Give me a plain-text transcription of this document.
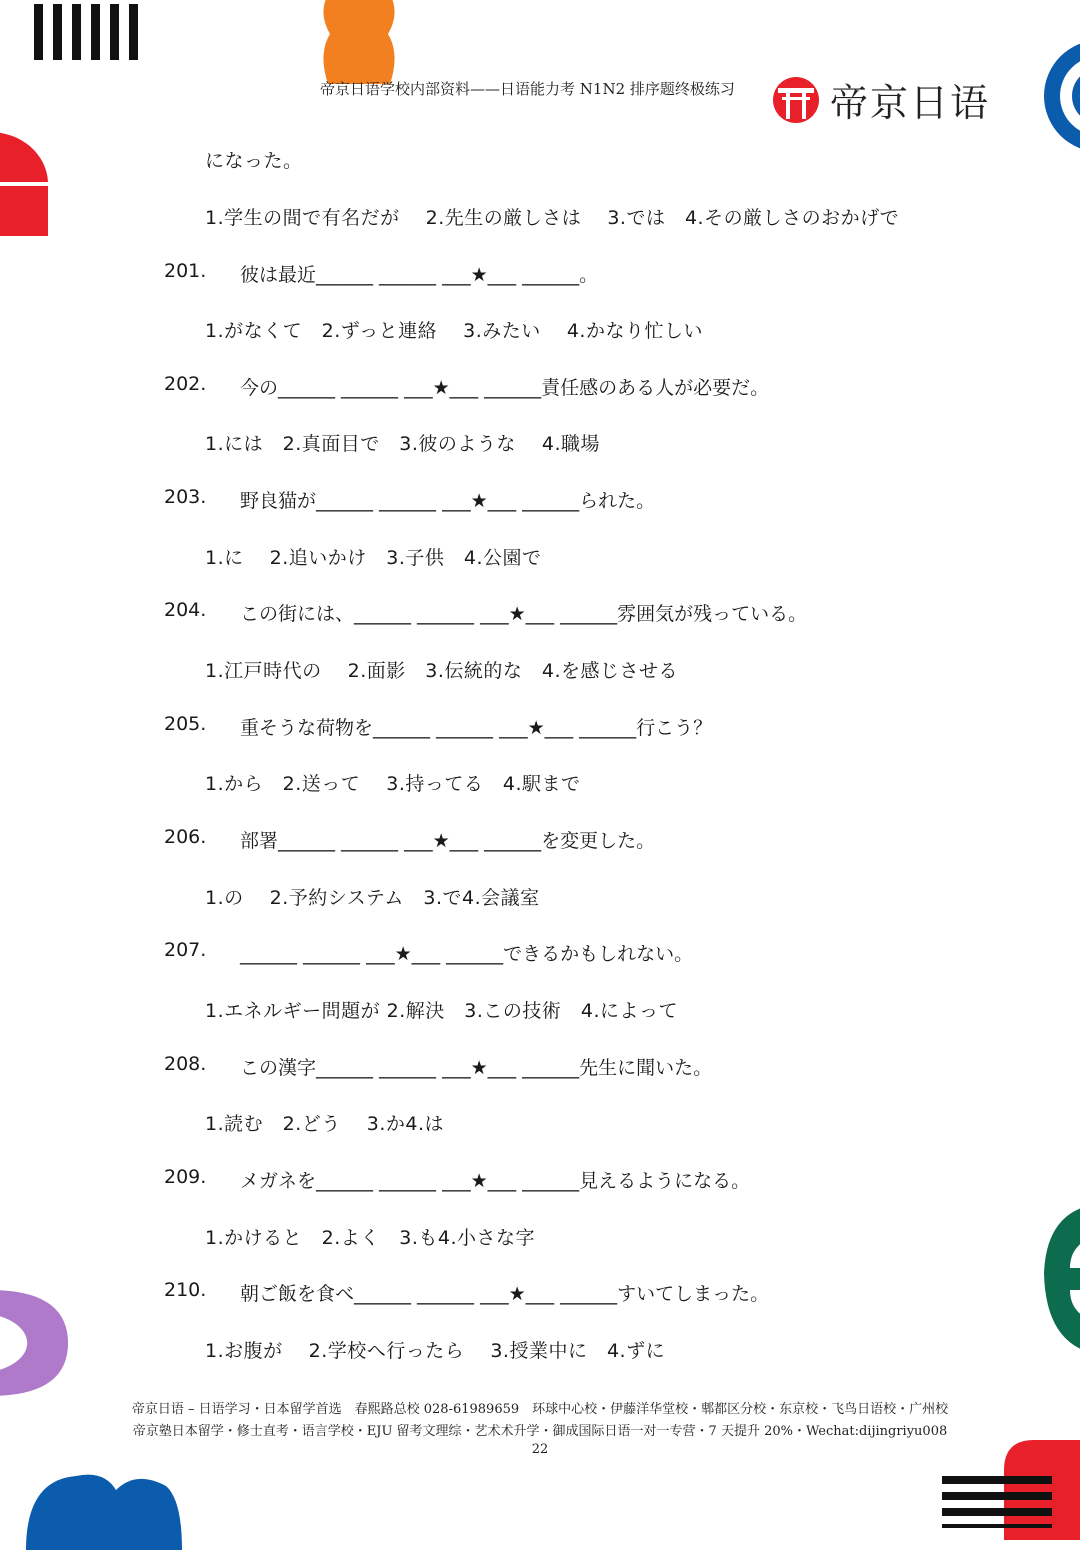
帝京日语学校内部资料——日语能力考 N1N2 排序题终极练习	帝京日语
になった。
1.学生の間で有名だが　 2.先生の厳しさは　 3.では　4.その厳しさのおかげで
201. 彼は最近______ ______ ___★___ ______。
1.がなくて　2.ずっと連絡　 3.みたい　 4.かなり忙しい
202. 今の______ ______ ___★___ ______責任感のある人が必要だ。
1.には　2.真面目で　3.彼のような　 4.職場
203. 野良猫が______ ______ ___★___ ______られた。
1.に　 2.追いかけ　3.子供　4.公園で
204. この街には、______ ______ ___★___ ______雰囲気が残っている。
1.江戸時代の　 2.面影　3.伝統的な　4.を感じさせる
205. 重そうな荷物を______ ______ ___★___ ______行こう？
1.から　2.送って　 3.持ってる　4.駅まで
206. 部署______ ______ ___★___ ______を変更した。
1.の　 2.予約システム　3.で4.会議室
207. ______ ______ ___★___ ______できるかもしれない。
1.エネルギー問題が 2.解決　3.この技術　4.によって
208. この漢字______ ______ ___★___ ______先生に聞いた。
1.読む　2.どう　 3.か4.は
209. メガネを______ ______ ___★___ ______見えるようになる。
1.かけると　2.よく　3.も4.小さな字
210. 朝ご飯を食べ______ ______ ___★___ ______すいてしまった。
1.お腹が　 2.学校へ行ったら　 3.授業中に　4.ずに
帝京日语 – 日语学习・日本留学首选　春熙路总校 028-61989659　环球中心校・伊藤洋华堂校・郫都区分校・东京校・飞鸟日语校・广州校
帝京塾日本留学・修士直考・语言学校・EJU 留考文理综・艺术术升学・御成国际日语一对一专营・7 天提升 20%・Wechat:dijingriyu008
22
